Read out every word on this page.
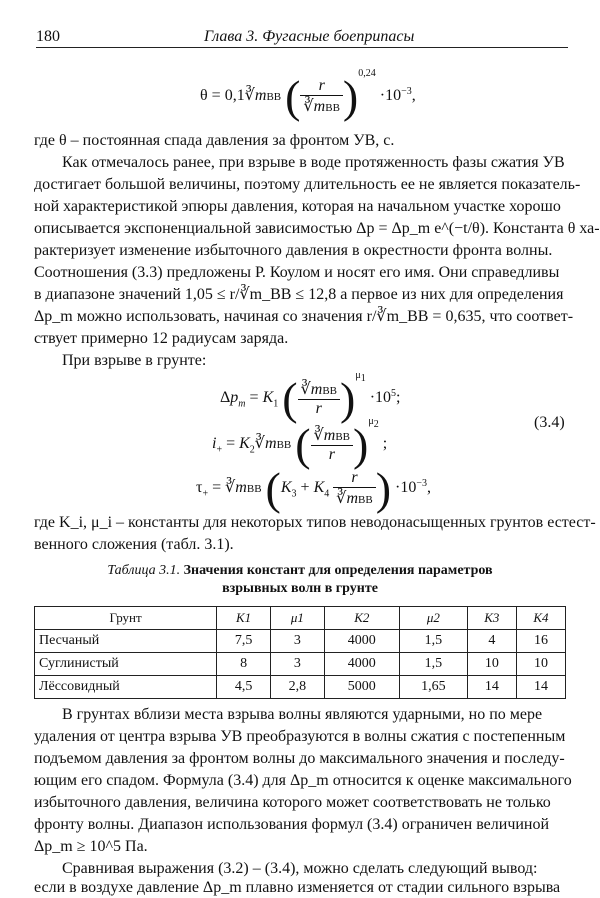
180	Глава 3. Фугасные боеприпасы
θ = 0,1∛mВВ (	r
∛mВВ )$^{0,24} \cdot 10^{-3}$,

где θ – постоянная спада давления за фронтом УВ, с.

Как отмечалось ранее, при взрыве в воде протяженность фазы сжатия УВ

достигает большой величины, поэтому длительность ее не является показатель-

ной характеристикой эпюры давления, которая на начальном участке хорошо

описывается экспоненциальной зависимостью Δp = Δp_m e^(−t/θ). Константа θ ха-

рактеризует изменение избыточного давления в окрестности фронта волны.

Соотношения (3.3) предложены Р. Коулом и носят его имя. Они справедливы

в диапазоне значений 1,05 ≤ r/∛m_ВВ ≤ 12,8 а первое из них для определения

Δp_m можно использовать, начиная со значения r/∛m_ВВ = 0,635, что соответ-

ствует примерно 12 радиусам заряда.

При взрыве в грунте:

$\Delta p_m = K_1$ ( ∛mВВ
r )$^{\mu_1} \cdot 10^5$;
$i_+$ = $K_2∛mВВ$ ( ∛mВВ
r )$^{\mu_2}$ ;
(3.4)
$\tau_+$ = ∛mВВ ($K_3 + K_4$
r
∛mВВ ) $\cdot 10^{-3}$,

где K_i, μ_i – константы для некоторых типов неводонасыщенных грунтов естест-

венного сложения (табл. 3.1).

Таблица 3.1. Значения констант для определения параметров
взрывных волн в грунте
Грунт	K1	μ1	K2	μ2	K3	K4
Песчаный	7,5	3	4000	1,5	4	16
Суглинистый	8	3	4000	1,5	10	10
Лёссовидный	4,5	2,8	5000	1,65	14	14

В грунтах вблизи места взрыва волны являются ударными, но по мере

удаления от центра взрыва УВ преобразуются в волны сжатия с постепенным

подъемом давления за фронтом волны до максимального значения и последу-

ющим его спадом. Формула (3.4) для Δp_m относится к оценке максимального

избыточного давления, величина которого может соответствовать не только

фронту волны. Диапазон использования формул (3.4) ограничен величиной

Δp_m ≥ 10^5 Па.

Сравнивая выражения (3.2) – (3.4), можно сделать следующий вывод:

если в воздухе давление Δp_m плавно изменяется от стадии сильного взрыва
